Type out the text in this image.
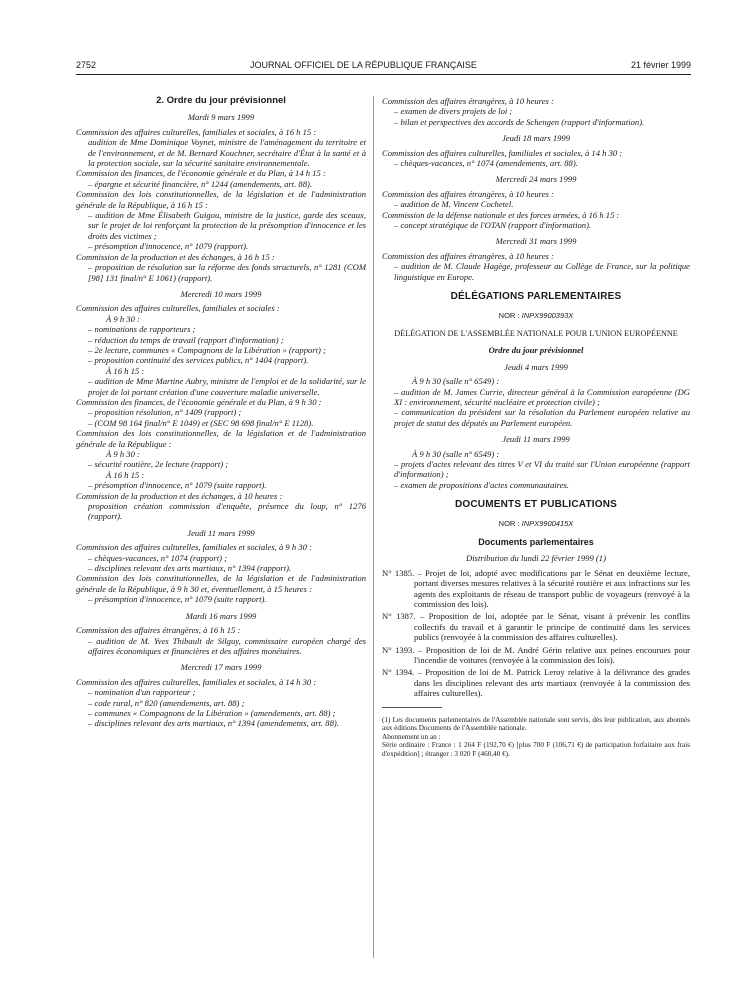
2752	JOURNAL OFFICIEL DE LA RÉPUBLIQUE FRANÇAISE	21 février 1999
2. Ordre du jour prévisionnel
Mardi 9 mars 1999

Commission des affaires culturelles, familiales et sociales, à 16 h 15 :

audition de Mme Dominique Voynet, ministre de l'aménagement du territoire et de l'environnement, et de M. Bernard Kouchner, secrétaire d'État à la santé et à la protection sociale, sur la sécurité sanitaire environnementale.

Commission des finances, de l'économie générale et du Plan, à 14 h 15 :

– épargne et sécurité financière, n° 1244 (amendements, art. 88).

Commission des lois constitutionnelles, de la législation et de l'administration générale de la République, à 16 h 15 :

– audition de Mme Élisabeth Guigou, ministre de la justice, garde des sceaux, sur le projet de loi renforçant la protection de la présomption d'innocence et les droits des victimes ;

– présomption d'innocence, n° 1079 (rapport).

Commission de la production et des échanges, à 16 h 15 :

– proposition de résolution sur la réforme des fonds structurels, n° 1281 (COM [98] 131 final/n° E 1061) (rapport).

Mercredi 10 mars 1999

Commission des affaires culturelles, familiales et sociales :

À 9 h 30 :

– nominations de rapporteurs ;

– réduction du temps de travail (rapport d'information) ;

– 2e lecture, communes « Compagnons de la Libération » (rapport) ;

– proposition continuité des services publics, n° 1404 (rapport).

À 16 h 15 :

– audition de Mme Martine Aubry, ministre de l'emploi et de la solidarité, sur le projet de loi portant création d'une couverture maladie universelle.

Commission des finances, de l'économie générale et du Plan, à 9 h 30 :

– proposition résolution, n° 1409 (rapport) ;

– (COM 98 164 final/n° E 1049) et (SEC 98 698 final/n° E 1128).

Commission des lois constitutionnelles, de la législation et de l'administration générale de la République :

À 9 h 30 :

– sécurité routière, 2e lecture (rapport) ;

À 16 h 15 :

– présomption d'innocence, n° 1079 (suite rapport).

Commission de la production et des échanges, à 10 heures :

proposition création commission d'enquête, présence du loup, n° 1276 (rapport).

Jeudi 11 mars 1999

Commission des affaires culturelles, familiales et sociales, à 9 h 30 :

– chèques-vacances, n° 1074 (rapport) ;

– disciplines relevant des arts martiaux, n° 1394 (rapport).

Commission des lois constitutionnelles, de la législation et de l'administration générale de la République, à 9 h 30 et, éventuellement, à 15 heures :

– présomption d'innocence, n° 1079 (suite rapport).

Mardi 16 mars 1999

Commission des affaires étrangères, à 16 h 15 :

– audition de M. Yves Thibault de Silguy, commissaire européen chargé des affaires économiques et financières et des affaires monétaires.

Mercredi 17 mars 1999

Commission des affaires culturelles, familiales et sociales, à 14 h 30 :

– nomination d'un rapporteur ;

– code rural, n° 820 (amendements, art. 88) ;

– communes « Compagnons de la Libération » (amendements, art. 88) ;

– disciplines relevant des arts martiaux, n° 1394 (amendements, art. 88).

Commission des affaires étrangères, à 10 heures :

– examen de divers projets de loi ;

– bilan et perspectives des accords de Schengen (rapport d'information).

Jeudi 18 mars 1999

Commission des affaires culturelles, familiales et sociales, à 14 h 30 :

– chèques-vacances, n° 1074 (amendements, art. 88).

Mercredi 24 mars 1999

Commission des affaires étrangères, à 10 heures :

– audition de M. Vincent Cochetel.

Commission de la défense nationale et des forces armées, à 16 h 15 :

– concept stratégique de l'OTAN (rapport d'information).

Mercredi 31 mars 1999

Commission des affaires étrangères, à 10 heures :

– audition de M. Claude Hagège, professeur au Collège de France, sur la politique linguistique en Europe.

DÉLÉGATIONS PARLEMENTAIRES
NOR : INPX9900393X

DÉLÉGATION DE L'ASSEMBLÉE NATIONALE POUR L'UNION EUROPÉENNE

Ordre du jour prévisionnel
Jeudi 4 mars 1999

À 9 h 30 (salle n° 6549) :

– audition de M. James Currie, directeur général à la Commission européenne (DG XI : environnement, sécurité nucléaire et protection civile) ;

– communication du président sur la résolution du Parlement européen relative au projet de statut des députés au Parlement européen.

Jeudi 11 mars 1999

À 9 h 30 (salle n° 6549) :

– projets d'actes relevant des titres V et VI du traité sur l'Union européenne (rapport d'information) ;

– examen de propositions d'actes communautaires.

DOCUMENTS ET PUBLICATIONS
NOR : INPX9900415X
Documents parlementaires
Distribution du lundi 22 février 1999 (1)

N° 1385. – Projet de loi, adopté avec modifications par le Sénat en deuxième lecture, portant diverses mesures relatives à la sécurité routière et aux infractions sur les agents des exploitants de réseau de transport public de voyageurs (renvoyé à la commission des lois).

N° 1387. – Proposition de loi, adoptée par le Sénat, visant à prévenir les conflits collectifs du travail et à garantir le principe de continuité dans les services publics (renvoyée à la commission des affaires culturelles).

N° 1393. – Proposition de loi de M. André Gérin relative aux peines encourues pour l'incendie de voitures (renvoyée à la commission des lois).

N° 1394. – Proposition de loi de M. Patrick Leroy relative à la délivrance des grades dans les disciplines relevant des arts martiaux (renvoyée à la commission des affaires culturelles).

(1) Les documents parlementaires de l'Assemblée nationale sont servis, dès leur publication, aux abonnés aux éditions Documents de l'Assemblée nationale.

Abonnement un an :

Série ordinaire : France : 1 264 F (192,70 €) [plus 700 F (106,71 €) de participation forfaitaire aux frais d'expédition] ; étranger : 3 020 F (460,40 €).
